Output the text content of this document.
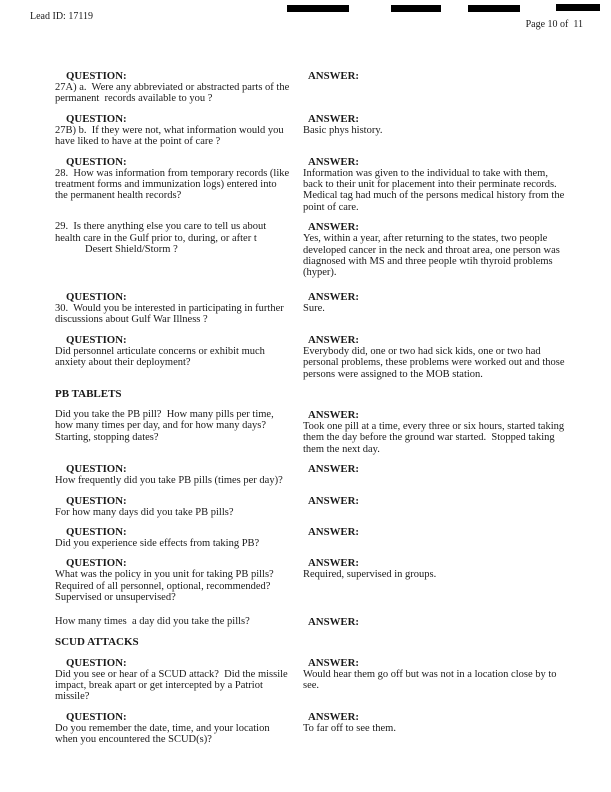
Lead ID: 17119
Page 10 of  11
QUESTION:
27A) a.  Were any abbreviated or abstracted parts of the permanent  records available to you ?
ANSWER:
QUESTION:
27B) b.  If they were not, what information would you have liked to have at the point of care ?
ANSWER:
Basic phys history.
QUESTION:
28.  How was information from temporary records (like treatment forms and immunization logs) entered into the permanent health records?
ANSWER:
Information was given to the individual to take with them, back to their unit for placement into their perminate records.  Medical tag had much of the persons medical history from the point of care.
29.  Is there anything else you care to tell us about health care in the Gulf prior to, during, or after t
Desert Shield/Storm ?
ANSWER:
Yes, within a year, after returning to the states, two people developed cancer in the neck and throat area, one person was diagnosed with MS and three people wtih thyroid problems (hyper).
QUESTION:
30.  Would you be interested in participating in further discussions about Gulf War Illness ?
ANSWER:
Sure.
QUESTION:
Did personnel articulate concerns or exhibit much anxiety about their deployment?
ANSWER:
Everybody did, one or two had sick kids, one or two had personal problems, these problems were worked out and those persons were assigned to the MOB station.
PB TABLETS
Did you take the PB pill?  How many pills per time, how many times per day, and for how many days?  Starting, stopping dates?
ANSWER:
Took one pill at a time, every three or six hours, started taking them the day before the ground war started.  Stopped taking them the next day.
QUESTION:
How frequently did you take PB pills (times per day)?
ANSWER:
QUESTION:
For how many days did you take PB pills?
ANSWER:
QUESTION:
Did you experience side effects from taking PB?
ANSWER:
QUESTION:
What was the policy in you unit for taking PB pills? Required of all personnel, optional, recommended? Supervised or unsupervised?
ANSWER:
Required, supervised in groups.
How many times  a day did you take the pills?	ANSWER:
SCUD ATTACKS
QUESTION:
Did you see or hear of a SCUD attack?  Did the missile impact, break apart or get intercepted by a Patriot missile?
ANSWER:
Would hear them go off but was not in a location close by to see.
QUESTION:
Do you remember the date, time, and your location when you encountered the SCUD(s)?
ANSWER:
To far off to see them.
